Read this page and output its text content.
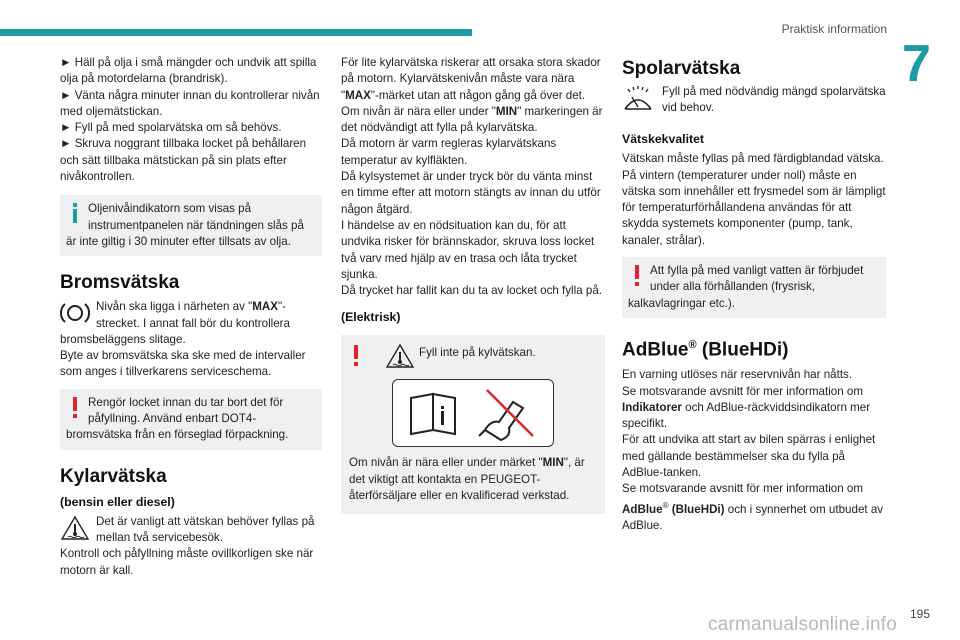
Praktisk information
7

► Häll på olja i små mängder och undvik att spilla olja på motordelarna (brandrisk).

► Vänta några minuter innan du kontrollerar nivån med oljemätstickan.

► Fyll på med spolarvätska om så behövs.

► Skruva noggrant tillbaka locket på behållaren och sätt tillbaka mätstickan på sin plats efter nivåkontrollen.

Oljenivåindikatorn som visas på instrumentpanelen när tändningen slås på är inte giltig i 30 minuter efter tillsats av olja.

Bromsvätska

Nivån ska ligga i närheten av "MAX"-strecket. I annat fall bör du kontrollera bromsbeläggens slitage.

Byte av bromsvätska ska ske med de intervaller som anges i tillverkarens serviceschema.

Rengör locket innan du tar bort det för påfyllning. Använd enbart DOT4-bromsvätska från en förseglad förpackning.

Kylarvätska
(bensin eller diesel)

Det är vanligt att vätskan behöver fyllas på mellan två servicebesök.

Kontroll och påfyllning måste ovillkorligen ske när motorn är kall.

För lite kylarvätska riskerar att orsaka stora skador på motorn. Kylarvätskenivån måste vara nära "MAX"-märket utan att någon gång gå över det.

Om nivån är nära eller under "MIN" markeringen är det nödvändigt att fylla på kylarvätska.

Då motorn är varm regleras kylarvätskans temperatur av kylfläkten.

Då kylsystemet är under tryck bör du vänta minst en timme efter att motorn stängts av innan du utför någon åtgärd.

I händelse av en nödsituation kan du, för att undvika risker för brännskador, skruva loss locket två varv med hjälp av en trasa och låta trycket sjunka.

Då trycket har fallit kan du ta av locket och fylla på.

(Elektrisk)
Fyll inte på kylvätskan.

Om nivån är nära eller under märket "MIN", är det viktigt att kontakta en PEUGEOT-återförsäljare eller en kvalificerad verkstad.

Spolarvätska

Fyll på med nödvändig mängd spolarvätska vid behov.

Vätskekvalitet

Vätskan måste fyllas på med färdigblandad vätska.

På vintern (temperaturer under noll) måste en vätska som innehåller ett frysmedel som är lämpligt för temperaturförhållandena användas för att skydda systemets komponenter (pump, tank, kanaler, strålar).

Att fylla på med vanligt vatten är förbjudet under alla förhållanden (frysrisk, kalkavlagringar etc.).

AdBlue® (BlueHDi)

En varning utlöses när reservnivån har nåtts.

Se motsvarande avsnitt för mer information om Indikatorer och AdBlue-räckviddsindikatorn mer specifikt.

För att undvika att start av bilen spärras i enlighet med gällande bestämmelser ska du fylla på AdBlue-tanken.

Se motsvarande avsnitt för mer information om AdBlue® (BlueHDi) och i synnerhet om utbudet av AdBlue.

195
carmanualsonline.info
